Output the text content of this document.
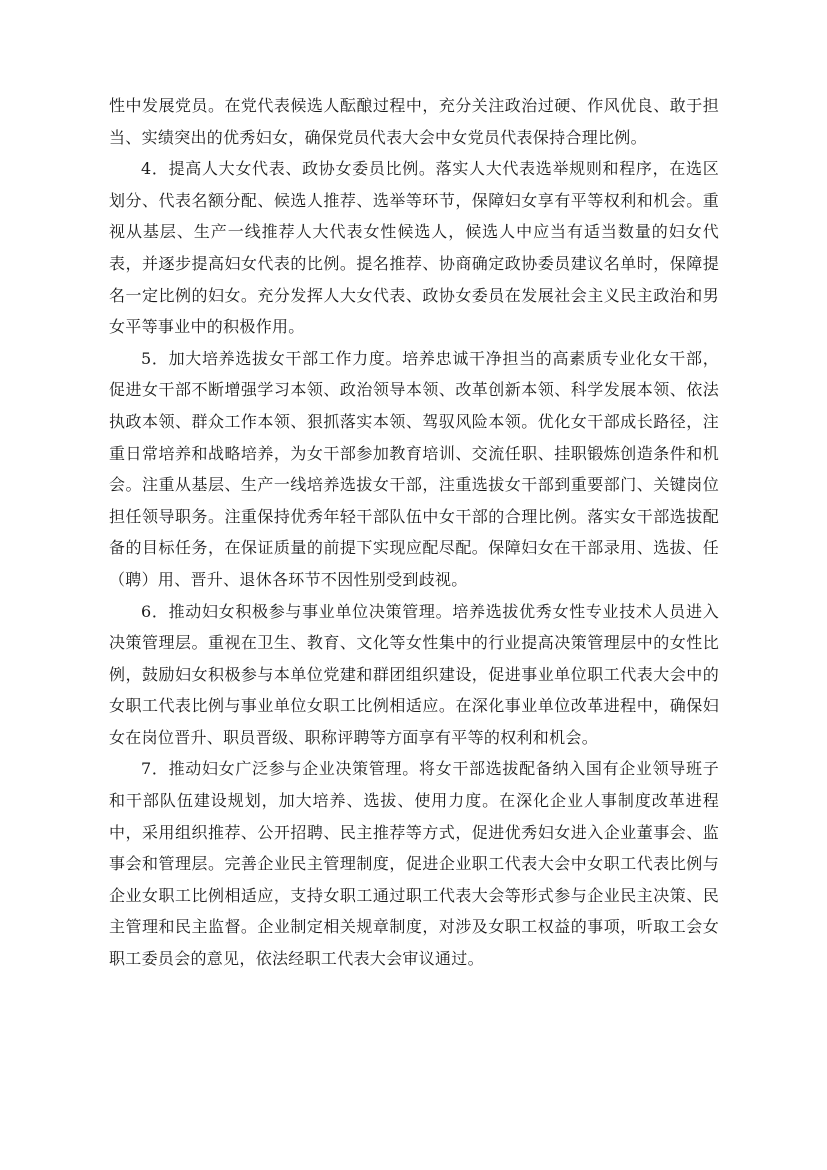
性中发展党员。在党代表候选人酝酿过程中，充分关注政治过硬、作风优良、敢于担当、实绩突出的优秀妇女，确保党员代表大会中女党员代表保持合理比例。

4．提高人大女代表、政协女委员比例。落实人大代表选举规则和程序，在选区划分、代表名额分配、候选人推荐、选举等环节，保障妇女享有平等权利和机会。重视从基层、生产一线推荐人大代表女性候选人，候选人中应当有适当数量的妇女代表，并逐步提高妇女代表的比例。提名推荐、协商确定政协委员建议名单时，保障提名一定比例的妇女。充分发挥人大女代表、政协女委员在发展社会主义民主政治和男女平等事业中的积极作用。

5．加大培养选拔女干部工作力度。培养忠诚干净担当的高素质专业化女干部，促进女干部不断增强学习本领、政治领导本领、改革创新本领、科学发展本领、依法执政本领、群众工作本领、狠抓落实本领、驾驭风险本领。优化女干部成长路径，注重日常培养和战略培养，为女干部参加教育培训、交流任职、挂职锻炼创造条件和机会。注重从基层、生产一线培养选拔女干部，注重选拔女干部到重要部门、关键岗位担任领导职务。注重保持优秀年轻干部队伍中女干部的合理比例。落实女干部选拔配备的目标任务，在保证质量的前提下实现应配尽配。保障妇女在干部录用、选拔、任（聘）用、晋升、退休各环节不因性别受到歧视。

6．推动妇女积极参与事业单位决策管理。培养选拔优秀女性专业技术人员进入决策管理层。重视在卫生、教育、文化等女性集中的行业提高决策管理层中的女性比例，鼓励妇女积极参与本单位党建和群团组织建设，促进事业单位职工代表大会中的女职工代表比例与事业单位女职工比例相适应。在深化事业单位改革进程中，确保妇女在岗位晋升、职员晋级、职称评聘等方面享有平等的权利和机会。

7．推动妇女广泛参与企业决策管理。将女干部选拔配备纳入国有企业领导班子和干部队伍建设规划，加大培养、选拔、使用力度。在深化企业人事制度改革进程中，采用组织推荐、公开招聘、民主推荐等方式，促进优秀妇女进入企业董事会、监事会和管理层。完善企业民主管理制度，促进企业职工代表大会中女职工代表比例与企业女职工比例相适应，支持女职工通过职工代表大会等形式参与企业民主决策、民主管理和民主监督。企业制定相关规章制度，对涉及女职工权益的事项，听取工会女职工委员会的意见，依法经职工代表大会审议通过。
